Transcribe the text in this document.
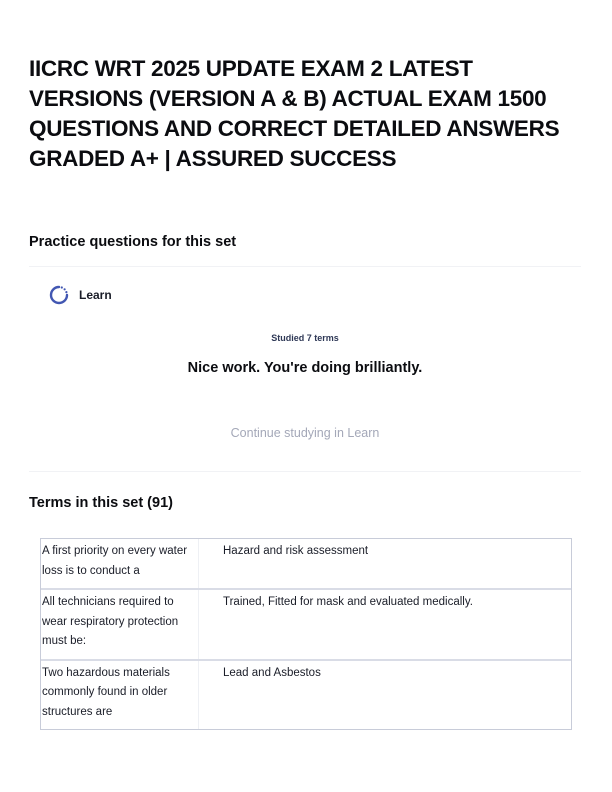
IICRC WRT 2025 UPDATE EXAM 2 LATEST VERSIONS (VERSION A & B) ACTUAL EXAM 1500 QUESTIONS AND CORRECT DETAILED ANSWERS GRADED A+ | ASSURED SUCCESS
Practice questions for this set
Learn
Studied 7 terms
Nice work. You're doing brilliantly.
Continue studying in Learn
Terms in this set (91)
A first priority on every water loss is to conduct a
Hazard and risk assessment
All technicians required to wear respiratory protection must be:
Trained, Fitted for mask and evaluated medically.
Two hazardous materials commonly found in older structures are
Lead and Asbestos
